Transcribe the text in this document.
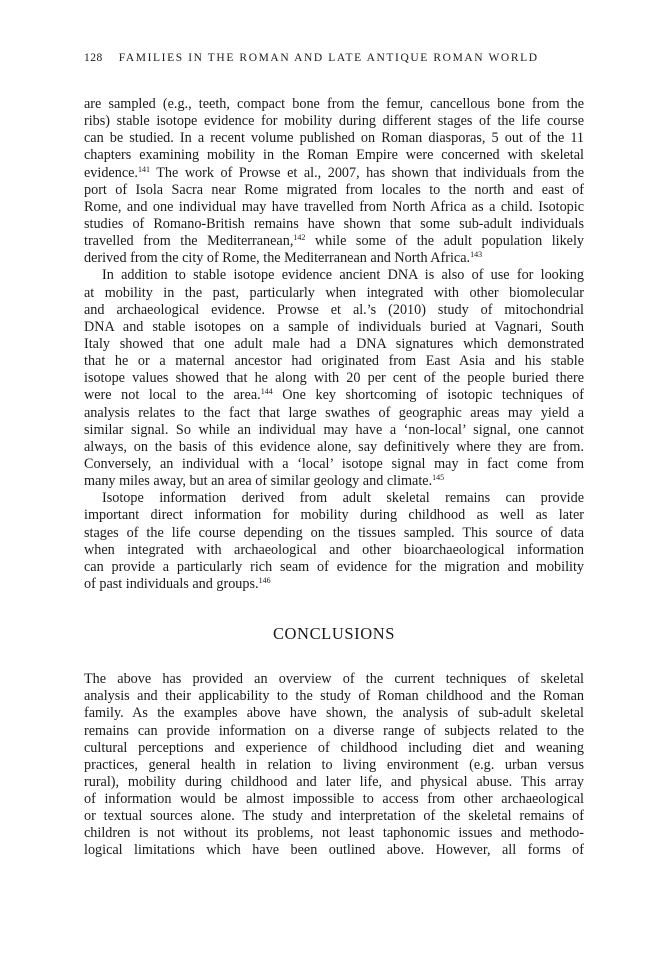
128 FAMILIES IN THE ROMAN AND LATE ANTIQUE ROMAN WORLD
are sampled (e.g., teeth, compact bone from the femur, cancellous bone from the
ribs) stable isotope evidence for mobility during different stages of the life course
can be studied. In a recent volume published on Roman diasporas, 5 out of the 11
chapters examining mobility in the Roman Empire were concerned with skeletal
evidence.$^{141}$ The work of Prowse et al., 2007, has shown that individuals from the
port of Isola Sacra near Rome migrated from locales to the north and east of
Rome, and one individual may have travelled from North Africa as a child. Isotopic
studies of Romano-British remains have shown that some sub-adult individuals
travelled from the Mediterranean,$^{142}$ while some of the adult population likely
derived from the city of Rome, the Mediterranean and North Africa.$^{143}$
In addition to stable isotope evidence ancient DNA is also of use for looking
at mobility in the past, particularly when integrated with other biomolecular
and archaeological evidence. Prowse et al.’s (2010) study of mitochondrial
DNA and stable isotopes on a sample of individuals buried at Vagnari, South
Italy showed that one adult male had a DNA signatures which demonstrated
that he or a maternal ancestor had originated from East Asia and his stable
isotope values showed that he along with 20 per cent of the people buried there
were not local to the area.$^{144}$ One key shortcoming of isotopic techniques of
analysis relates to the fact that large swathes of geographic areas may yield a
similar signal. So while an individual may have a ‘non-local’ signal, one cannot
always, on the basis of this evidence alone, say definitively where they are from.
Conversely, an individual with a ‘local’ isotope signal may in fact come from
many miles away, but an area of similar geology and climate.$^{145}$
Isotope information derived from adult skeletal remains can provide
important direct information for mobility during childhood as well as later
stages of the life course depending on the tissues sampled. This source of data
when integrated with archaeological and other bioarchaeological information
can provide a particularly rich seam of evidence for the migration and mobility
of past individuals and groups.$^{146}$
CONCLUSIONS
The above has provided an overview of the current techniques of skeletal
analysis and their applicability to the study of Roman childhood and the Roman
family. As the examples above have shown, the analysis of sub-adult skeletal
remains can provide information on a diverse range of subjects related to the
cultural perceptions and experience of childhood including diet and weaning
practices, general health in relation to living environment (e.g. urban versus
rural), mobility during childhood and later life, and physical abuse. This array
of information would be almost impossible to access from other archaeological
or textual sources alone. The study and interpretation of the skeletal remains of
children is not without its problems, not least taphonomic issues and methodo-
logical limitations which have been outlined above. However, all forms of
